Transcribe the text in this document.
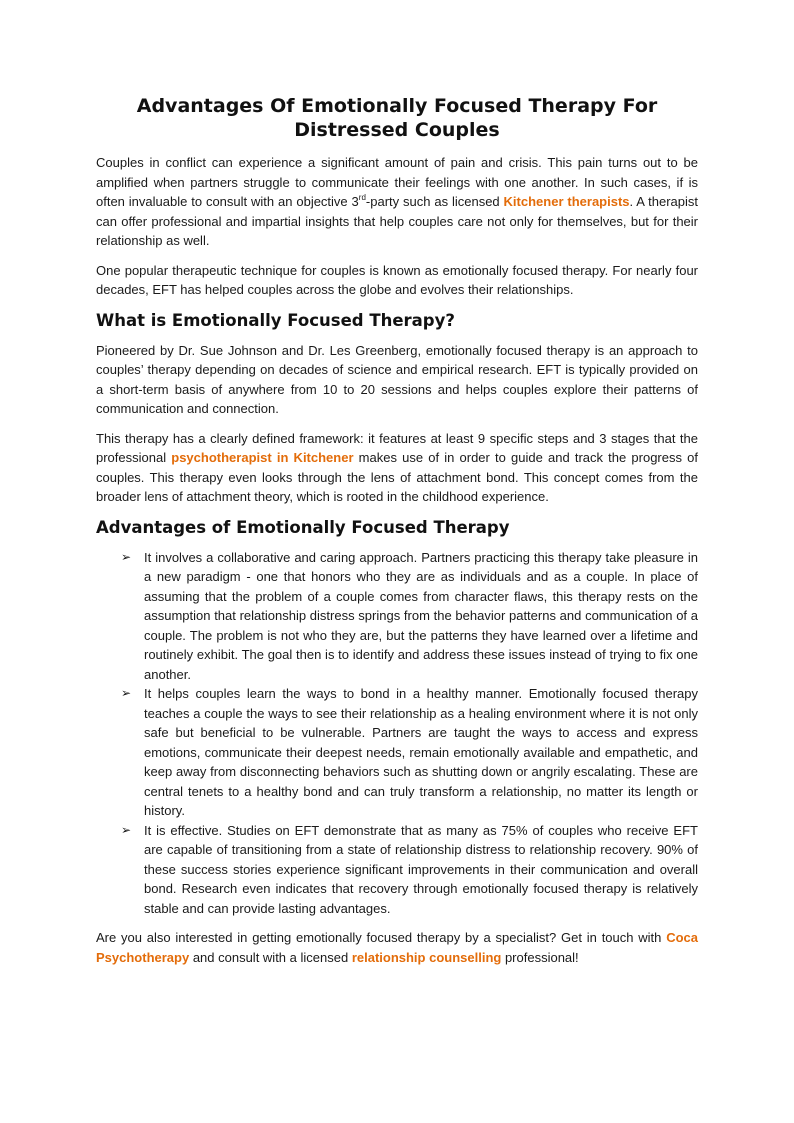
Advantages Of Emotionally Focused Therapy For Distressed Couples

Couples in conflict can experience a significant amount of pain and crisis. This pain turns out to be amplified when partners struggle to communicate their feelings with one another. In such cases, if is often invaluable to consult with an objective 3rd-party such as licensed Kitchener therapists. A therapist can offer professional and impartial insights that help couples care not only for themselves, but for their relationship as well.

One popular therapeutic technique for couples is known as emotionally focused therapy. For nearly four decades, EFT has helped couples across the globe and evolves their relationships.

What is Emotionally Focused Therapy?

Pioneered by Dr. Sue Johnson and Dr. Les Greenberg, emotionally focused therapy is an approach to couples’ therapy depending on decades of science and empirical research. EFT is typically provided on a short-term basis of anywhere from 10 to 20 sessions and helps couples explore their patterns of communication and connection.

This therapy has a clearly defined framework: it features at least 9 specific steps and 3 stages that the professional psychotherapist in Kitchener makes use of in order to guide and track the progress of couples. This therapy even looks through the lens of attachment bond. This concept comes from the broader lens of attachment theory, which is rooted in the childhood experience.

Advantages of Emotionally Focused Therapy
➢ It involves a collaborative and caring approach. Partners practicing this therapy take pleasure in a new paradigm - one that honors who they are as individuals and as a couple. In place of assuming that the problem of a couple comes from character flaws, this therapy rests on the assumption that relationship distress springs from the behavior patterns and communication of a couple. The problem is not who they are, but the patterns they have learned over a lifetime and routinely exhibit. The goal then is to identify and address these issues instead of trying to fix one another.
➢ It helps couples learn the ways to bond in a healthy manner. Emotionally focused therapy teaches a couple the ways to see their relationship as a healing environment where it is not only safe but beneficial to be vulnerable. Partners are taught the ways to access and express emotions, communicate their deepest needs, remain emotionally available and empathetic, and keep away from disconnecting behaviors such as shutting down or angrily escalating. These are central tenets to a healthy bond and can truly transform a relationship, no matter its length or history.
➢ It is effective. Studies on EFT demonstrate that as many as 75% of couples who receive EFT are capable of transitioning from a state of relationship distress to relationship recovery. 90% of these success stories experience significant improvements in their communication and overall bond. Research even indicates that recovery through emotionally focused therapy is relatively stable and can provide lasting advantages.

Are you also interested in getting emotionally focused therapy by a specialist? Get in touch with Coca Psychotherapy and consult with a licensed relationship counselling professional!
